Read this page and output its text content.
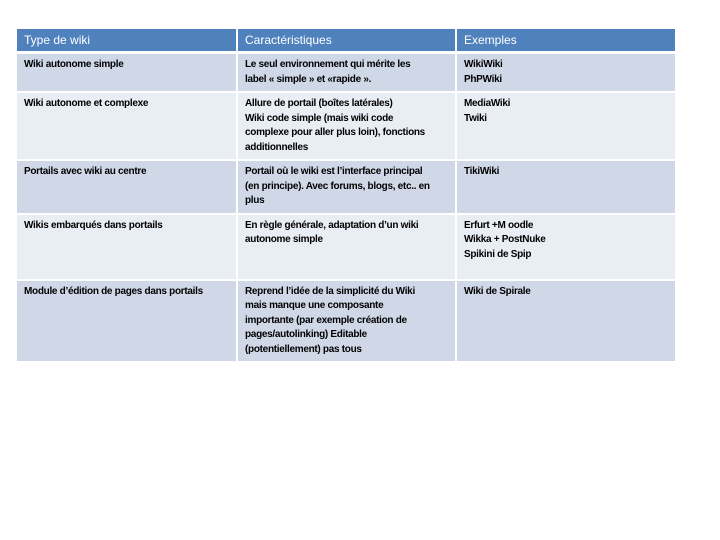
Type de wiki	Caractéristiques	Exemples

Wiki autonome simple	Le seul environnement qui mérite les
label « simple » et «rapide ».	WikiWiki
PhPWiki

Wiki autonome et complexe	Allure de portail (boîtes latérales)
Wiki code simple (mais wiki code
complexe pour aller plus loin), fonctions
additionnelles	MediaWiki
Twiki

Portails avec wiki au centre	Portail où le wiki est l’interface principal
(en principe). Avec forums, blogs, etc.. en
plus	TikiWiki

Wikis embarqués dans portails	En règle générale, adaptation d’un wiki
autonome simple	Erfurt +M oodle
Wikka + PostNuke
Spikini de Spip

Module d’édition de pages dans portails	Reprend l’idée de la simplicité du Wiki
mais manque une composante
importante (par exemple création de
pages/autolinking) Editable
(potentiellement) pas tous	Wiki de Spirale
